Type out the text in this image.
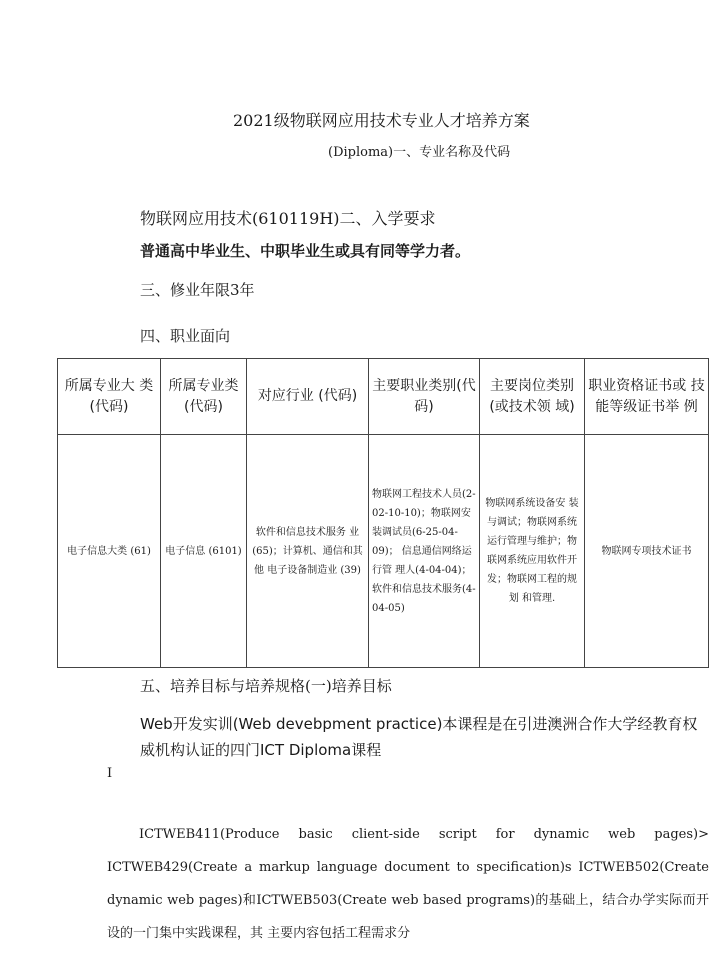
2021级物联网应用技术专业人才培养方案
(Diploma)一、专业名称及代码
物联网应用技术(610119H)二、入学要求
普通高中毕业生、中职毕业生或具有同等学力者。
三、修业年限3年
四、职业面向
所属专业大 类(代码)	所属专业类(代码)	对应行业 (代码)	主要职业类别(代码)	主要岗位类别(或技术领 域)	职业资格证书或 技能等级证书举 例
电子信息大类 (61)	电子信息 (6101)	软件和信息技术服务 业(65)；计算机、通信和其他 电子设备制造业 (39)	物联网工程技术人员(2-02-10-10)；物联网安装调试员(6-25-04-09)； 信息通信网络运行管 理人(4-04-04)； 软件和信息技术服务(4-04-05)	物联网系统设备安 装与调试；物联网系统运行管理与维护；物联网系统应用软件开发；物联网工程的规划 和管理.	物联网专项技术证书
五、培养目标与培养规格(一)培养目标
Web开发实训(Web devebpment practice)本课程是在引进澳洲合作大学经教育权威机构认证的四门ICT Diploma课程
I
ICTWEB411(Produce basic client-side script for dynamic web pages)> ICTWEB429(Create a markup language document to specification)s ICTWEB502(Create dynamic web pages)和ICTWEB503(Create web based programs)的基础上，结合办学实际而开设的一门集中实践课程，其 主要内容包括工程需求分
